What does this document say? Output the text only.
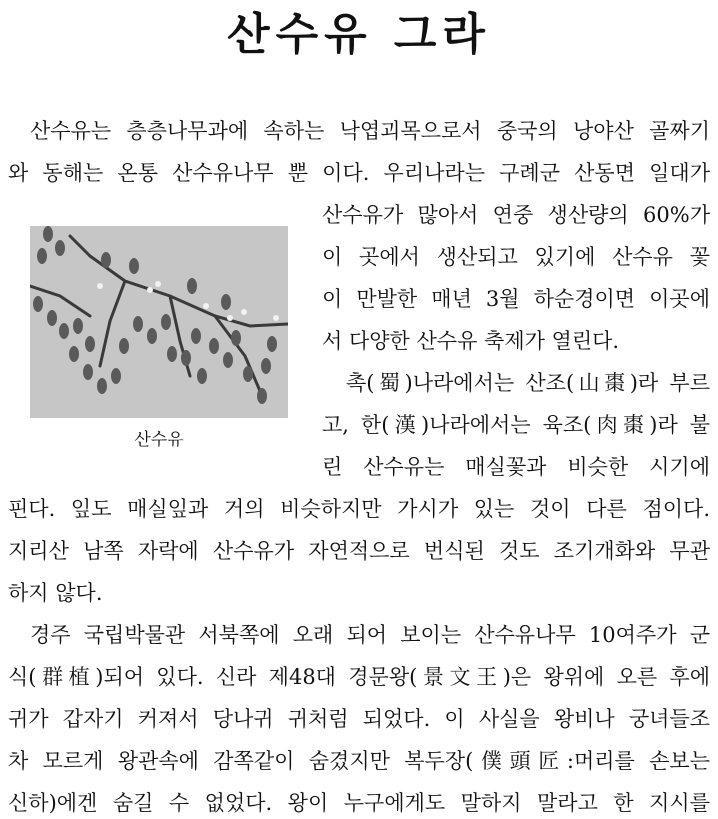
산수유 그라
산수유는 층층나무과에 속하는 낙엽괴목으로서 중국의 낭야산 골짜기
와 동해는 온통 산수유나무 뿐 이다. 우리나라는 구례군 산동면 일대가
산수유가 많아서 연중 생산량의 60%가
이 곳에서 생산되고 있기에 산수유 꽃
이 만발한 매년 3월 하순경이면 이곳에
서 다양한 산수유 축제가 열린다.
촉(蜀)나라에서는 산조(山棗)라 부르
고, 한(漢)나라에서는 육조(肉棗)라 불
린 산수유는 매실꽃과 비슷한 시기에
핀다. 잎도 매실잎과 거의 비슷하지만 가시가 있는 것이 다른 점이다.
지리산 남쪽 자락에 산수유가 자연적으로 번식된 것도 조기개화와 무관
하지 않다.
경주 국립박물관 서북쪽에 오래 되어 보이는 산수유나무 10여주가 군
식(群植)되어 있다. 신라 제48대 경문왕(景文王)은 왕위에 오른 후에
귀가 갑자기 커져서 당나귀 귀처럼 되었다. 이 사실을 왕비나 궁녀들조
차 모르게 왕관속에 감쪽같이 숨겼지만 복두장(僕頭匠:머리를 손보는
신하)에겐 숨길 수 없었다. 왕이 누구에게도 말하지 말라고 한 지시를
산수유
